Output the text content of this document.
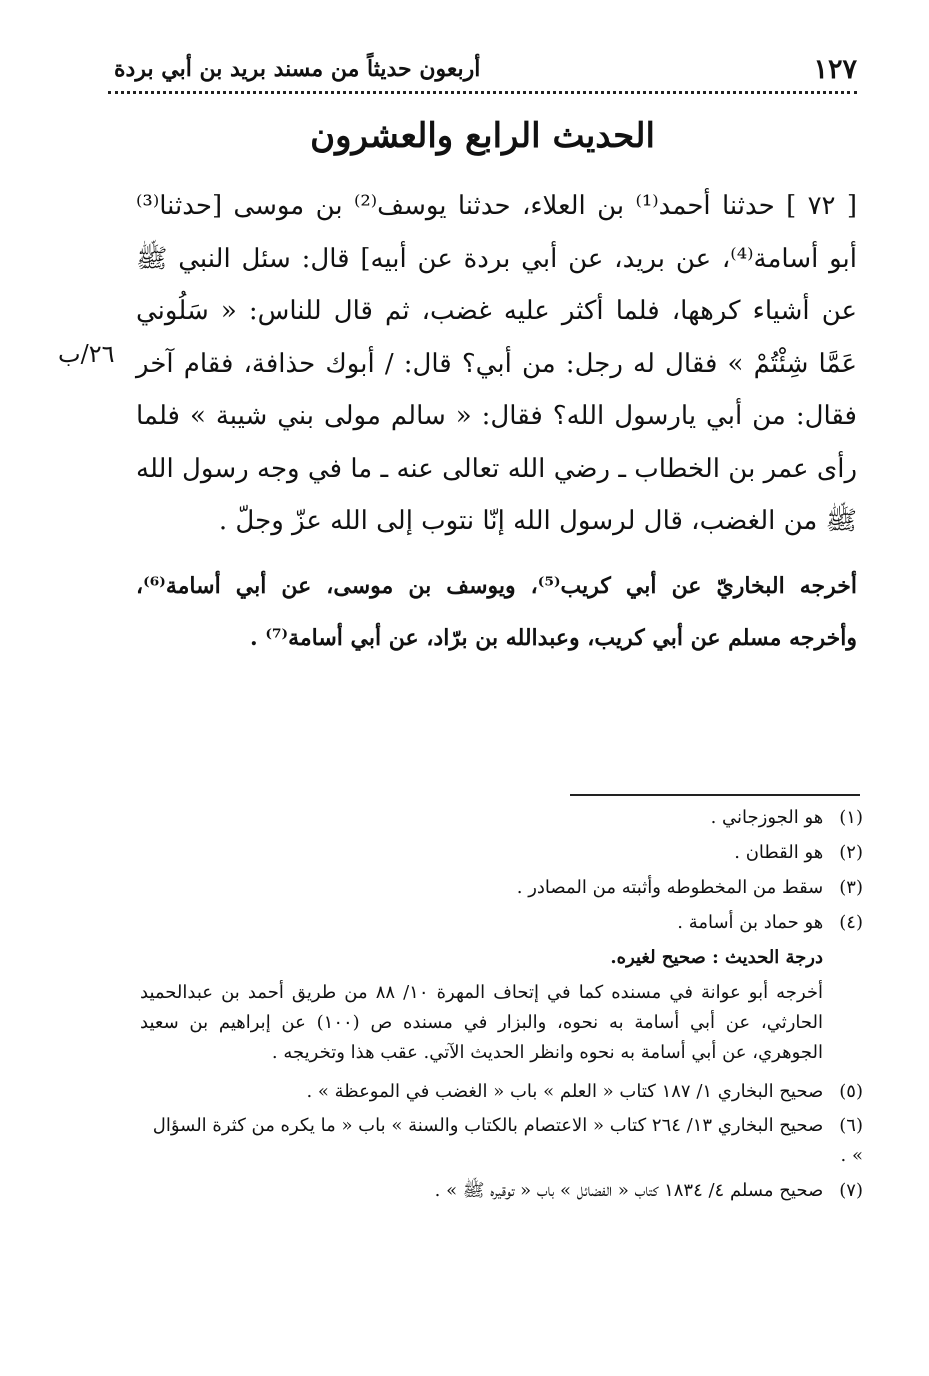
١٢٧
أربعون حديثاً من مسند بريد بن أبي بردة
الحديث الرابع والعشرون

[ ٧٢ ] حدثنا أحمد⁽¹⁾ بن العلاء، حدثنا يوسف⁽²⁾ بن موسى [حدثنا⁽³⁾ أبو أسامة⁽⁴⁾، عن بريد، عن أبي بردة عن أبيه] قال: سئل النبي ﷺ عن أشياء كرهها، فلما أكثر عليه غضب، ثم قال للناس: « سَلُوني عَمَّا شِئْتُمْ » فقال له رجل: من أبي؟ قال: / أبوك حذافة، فقام آخر فقال: من أبي يارسول الله؟ فقال: « سالم مولى بني شيبة » فلما رأى عمر بن الخطاب ـ رضي الله تعالى عنه ـ ما في وجه رسول الله ﷺ من الغضب، قال لرسول الله إنّا نتوب إلى الله عزّ وجلّ .

٢٦/ب

أخرجه البخاريّ عن أبي كريب⁽⁵⁾، ويوسف بن موسى، عن أبي أسامة⁽⁶⁾، وأخرجه مسلم عن أبي كريب، وعبدالله بن برّاد، عن أبي أسامة⁽⁷⁾ .

(١) هو الجوزجاني .
(٢) هو القطان .
(٣) سقط من المخطوطه وأثبته من المصادر .
(٤) هو حماد بن أسامة .
درجة الحديث : صحيح لغيره.
أخرجه أبو عوانة في مسنده كما في إتحاف المهرة ١٠/ ٨٨ من طريق أحمد بن عبدالحميد الحارثي، عن أبي أسامة به نحوه، والبزار في مسنده ص (١٠٠) عن إبراهيم بن سعيد الجوهري، عن أبي أسامة به نحوه وانظر الحديث الآتي. عقب هذا وتخريجه .
(٥) صحيح البخاري ١/ ١٨٧ كتاب « العلم » باب « الغضب في الموعظة » .
(٦) صحيح البخاري ١٣/ ٢٦٤ كتاب « الاعتصام بالكتاب والسنة » باب « ما يكره من كثرة السؤال » .
(٧) صحيح مسلم ٤/ ١٨٣٤ كتاب « الفضائل » باب « توقيره ﷺ » .
